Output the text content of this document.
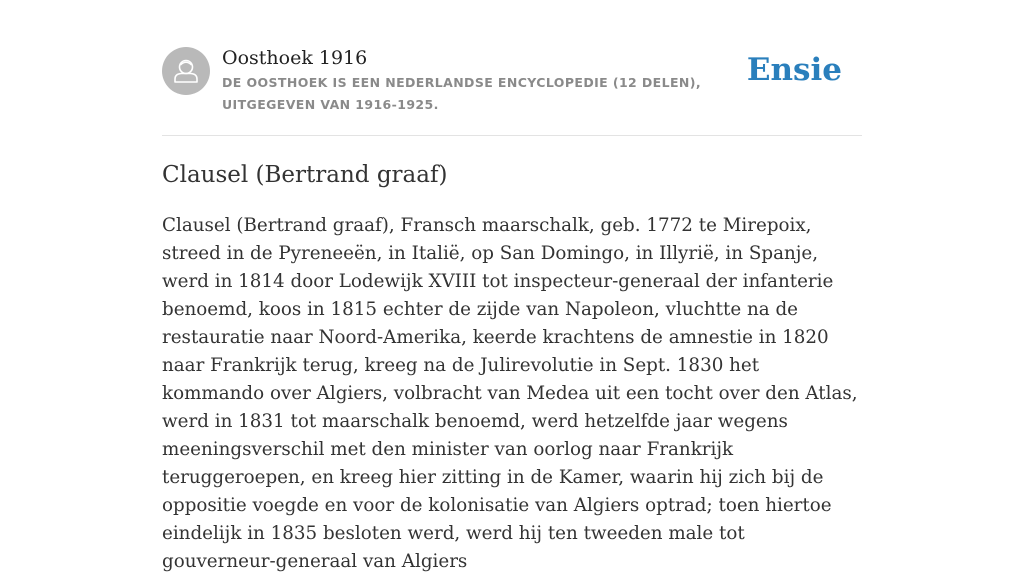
Oosthoek 1916
DE OOSTHOEK IS EEN NEDERLANDSE ENCYCLOPEDIE (12 DELEN), UITGEGEVEN VAN 1916-1925.
Ensie
Clausel (Bertrand graaf)

Clausel (Bertrand graaf), Fransch maarschalk, geb. 1772 te Mirepoix, streed in de Pyreneeën, in Italië, op San Domingo, in Illyrië, in Spanje, werd in 1814 door Lodewijk XVIII tot inspecteur-generaal der infanterie benoemd, koos in 1815 echter de zijde van Napoleon, vluchtte na de restauratie naar Noord-Amerika, keerde krachtens de amnestie in 1820 naar Frankrijk terug, kreeg na de Julirevolutie in Sept. 1830 het kommando over Algiers, volbracht van Medea uit een tocht over den Atlas, werd in 1831 tot maarschalk benoemd, werd hetzelfde jaar wegens meeningsverschil met den minister van oorlog naar Frankrijk teruggeroepen, en kreeg hier zitting in de Kamer, waarin hij zich bij de oppositie voegde en voor de kolonisatie van Algiers optrad; toen hiertoe eindelijk in 1835 besloten werd, werd hij ten tweeden male tot gouverneur-generaal van Algiers
